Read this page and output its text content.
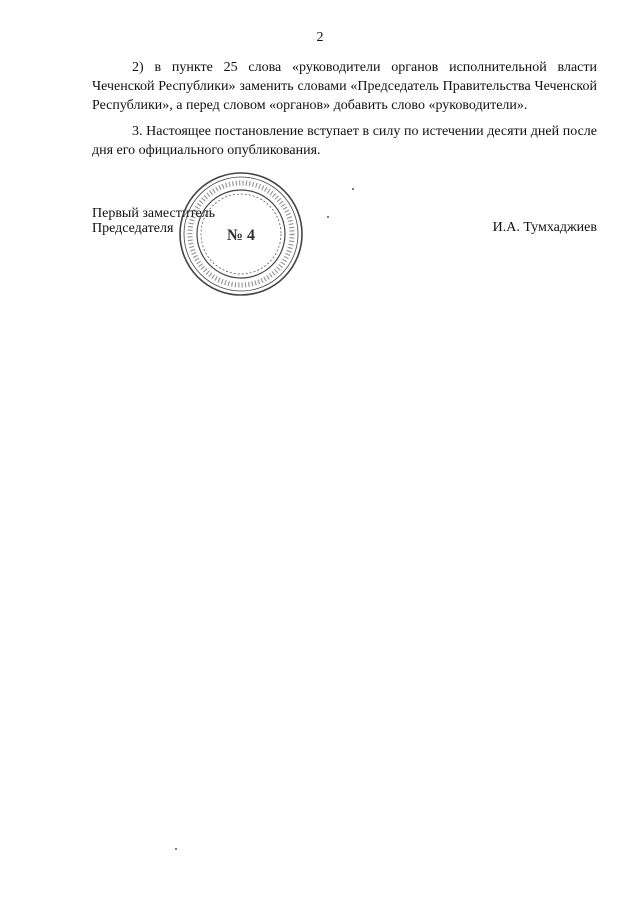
2

2) в пункте 25 слова «руководители органов исполнительной власти Чеченской Республики» заменить словами «Председатель Правительства Чеченской Республики», а перед словом «органов» добавить слово «руководители».

3. Настоящее постановление вступает в силу по истечении десяти дней после дня его официального опубликования.

Первый заместитель
Председателя	И.А. Тумхаджиев
№ 4
